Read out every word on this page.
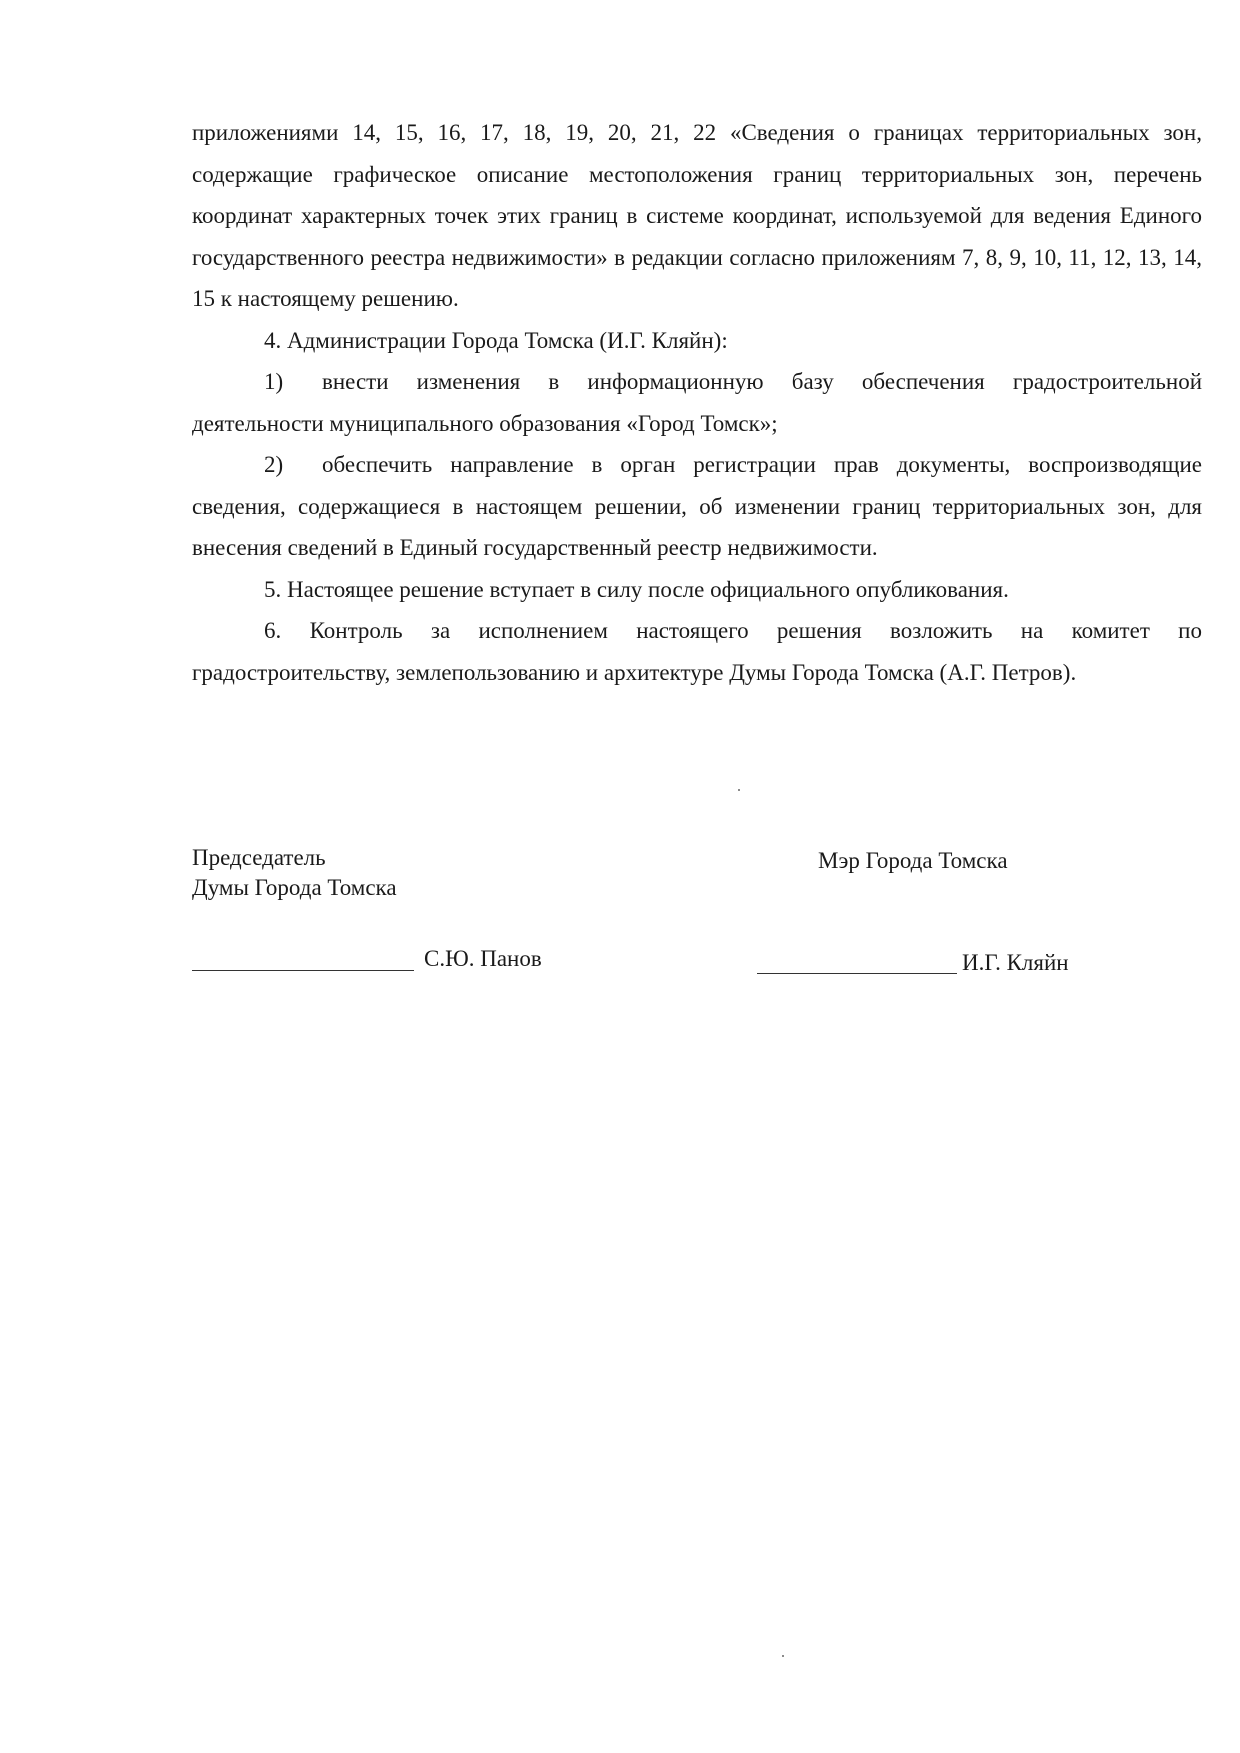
приложениями 14, 15, 16, 17, 18, 19, 20, 21, 22 «Сведения о границах территориальных зон, содержащие графическое описание местоположения границ территориальных зон, перечень координат характерных точек этих границ в системе координат, используемой для ведения Единого государственного реестра недвижимости» в редакции согласно приложениям 7, 8, 9, 10, 11, 12, 13, 14, 15 к настоящему решению.

4. Администрации Города Томска (И.Г. Кляйн):

1) внести изменения в информационную базу обеспечения градостроительной деятельности муниципального образования «Город Томск»;

2) обеспечить направление в орган регистрации прав документы, воспроизводящие сведения, содержащиеся в настоящем решении, об изменении границ территориальных зон, для внесения сведений в Единый государственный реестр недвижимости.

5. Настоящее решение вступает в силу после официального опубликования.

6. Контроль за исполнением настоящего решения возложить на комитет по градостроительству, землепользованию и архитектуре Думы Города Томска (А.Г. Петров).

Председатель
Думы Города Томска
Мэр Города Томска
С.Ю. Панов	И.Г. Кляйн
